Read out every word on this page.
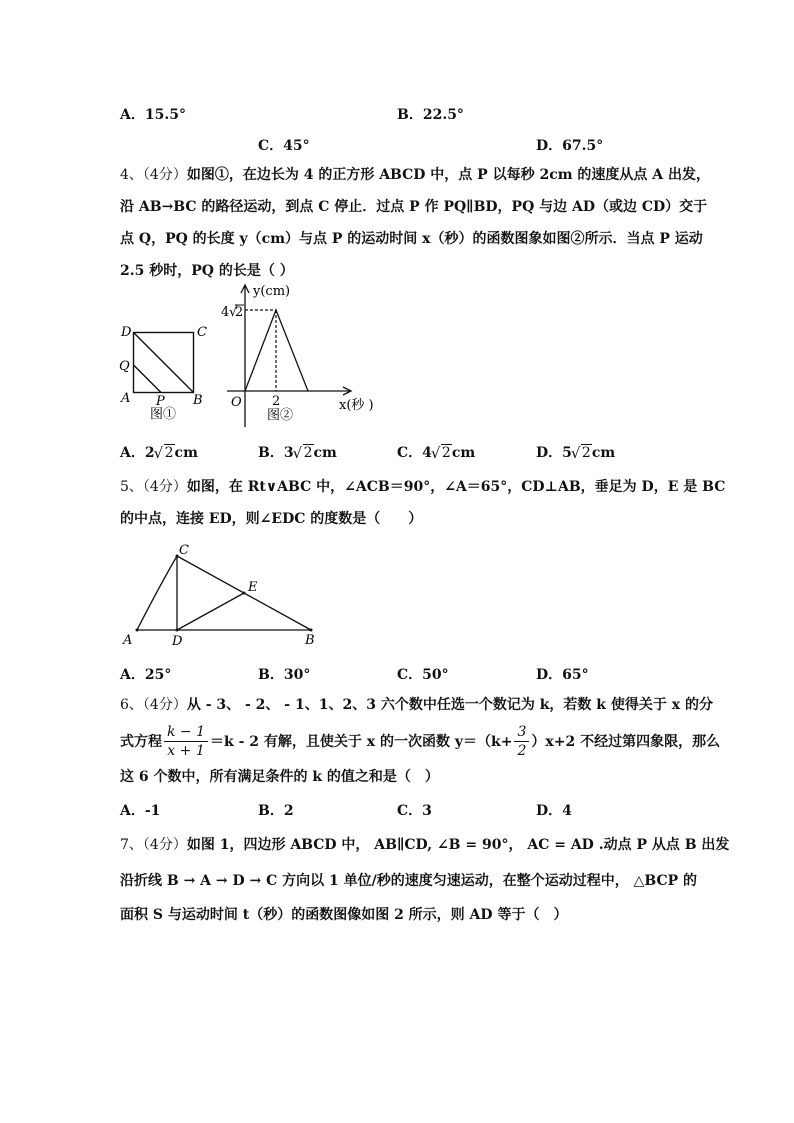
A．15.5°	B．22.5°
C．45°	D．67.5°
4、（4分）如图①，在边长为 4 的正方形 ABCD 中，点 P 以每秒 2cm 的速度从点 A 出发，
沿 AB→BC 的路径运动，到点 C 停止．过点 P 作 PQ∥BD，PQ 与边 AD（或边 CD）交于
点 Q，PQ 的长度 y（cm）与点 P 的运动时间 x（秒）的函数图象如图②所示．当点 P 运动
2.5 秒时，PQ 的长是（ ）
D	C
Q
A P B
图①
y(cm)
4 √
2
O 2	x(秒 )
图②
A．2 √ 2cm	B．3 √ 2cm	C．4 √ 2cm	D．5 √ 2cm
5、（4分）如图，在 Rt∨ABC 中，∠ACB＝90°，∠A＝65°，CD⊥AB，垂足为 D，E 是 BC
的中点，连接 ED，则∠EDC 的度数是（　　）
C
E
A	D	B
A．25°	B．30°	C．50°	D．65°
6、（4分）从 - 3、 - 2、 - 1、1、2、3 六个数中任选一个数记为 k，若数 k 使得关于 x 的分
式方程 $\frac{k - 1}{x + 1} =k - 2$ 有解，且使关于 x 的一次函数 $y=(k+ \frac{3}{2} )x+2$ 不经过第四象限，那么
这 6 个数中，所有满足条件的 k 的值之和是（　）
A．-1	B．2	C．3	D．4
7、（4分）如图 1，四边形 ABCD 中， AB∥CD, ∠B = 90°， AC = AD .动点 P 从点 B 出发
沿折线 B → A → D → C 方向以 1 单位/秒的速度匀速运动，在整个运动过程中， △BCP 的
面积 S 与运动时间 t（秒）的函数图像如图 2 所示，则 AD 等于（　）
